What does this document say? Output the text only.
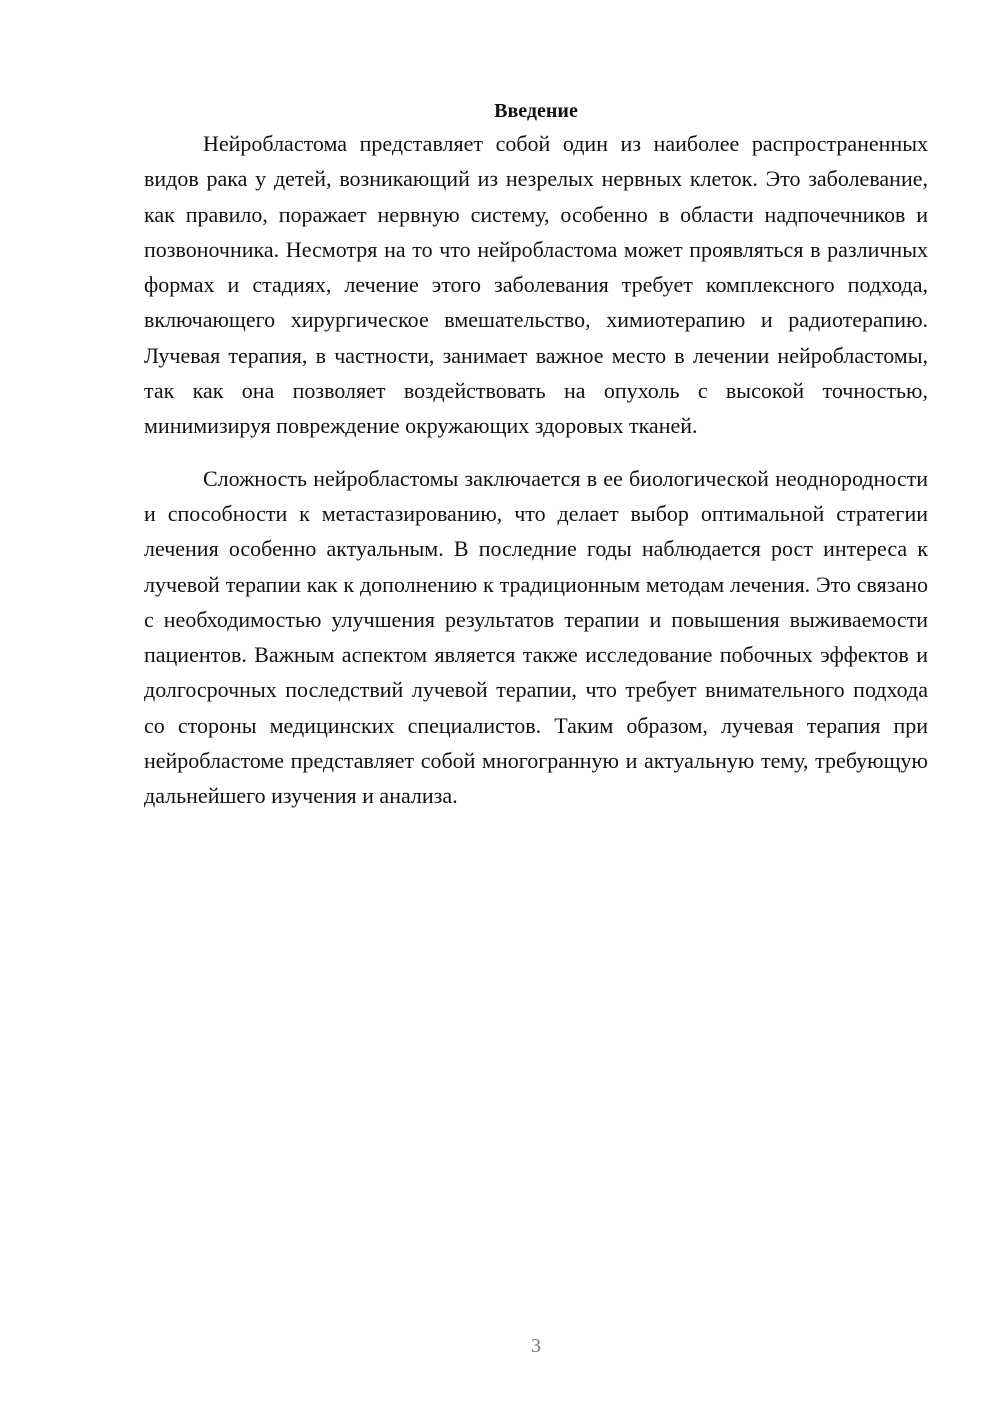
Введение

Нейробластома представляет собой один из наиболее распространенных видов рака у детей, возникающий из незрелых нервных клеток. Это заболевание, как правило, поражает нервную систему, особенно в области надпочечников и позвоночника. Несмотря на то что нейробластома может проявляться в различных формах и стадиях, лечение этого заболевания требует комплексного подхода, включающего хирургическое вмешательство, химиотерапию и радиотерапию. Лучевая терапия, в частности, занимает важное место в лечении нейробластомы, так как она позволяет воздействовать на опухоль с высокой точностью, минимизируя повреждение окружающих здоровых тканей.

Сложность нейробластомы заключается в ее биологической неоднородности и способности к метастазированию, что делает выбор оптимальной стратегии лечения особенно актуальным. В последние годы наблюдается рост интереса к лучевой терапии как к дополнению к традиционным методам лечения. Это связано с необходимостью улучшения результатов терапии и повышения выживаемости пациентов. Важным аспектом является также исследование побочных эффектов и долгосрочных последствий лучевой терапии, что требует внимательного подхода со стороны медицинских специалистов. Таким образом, лучевая терапия при нейробластоме представляет собой многогранную и актуальную тему, требующую дальнейшего изучения и анализа.

3
